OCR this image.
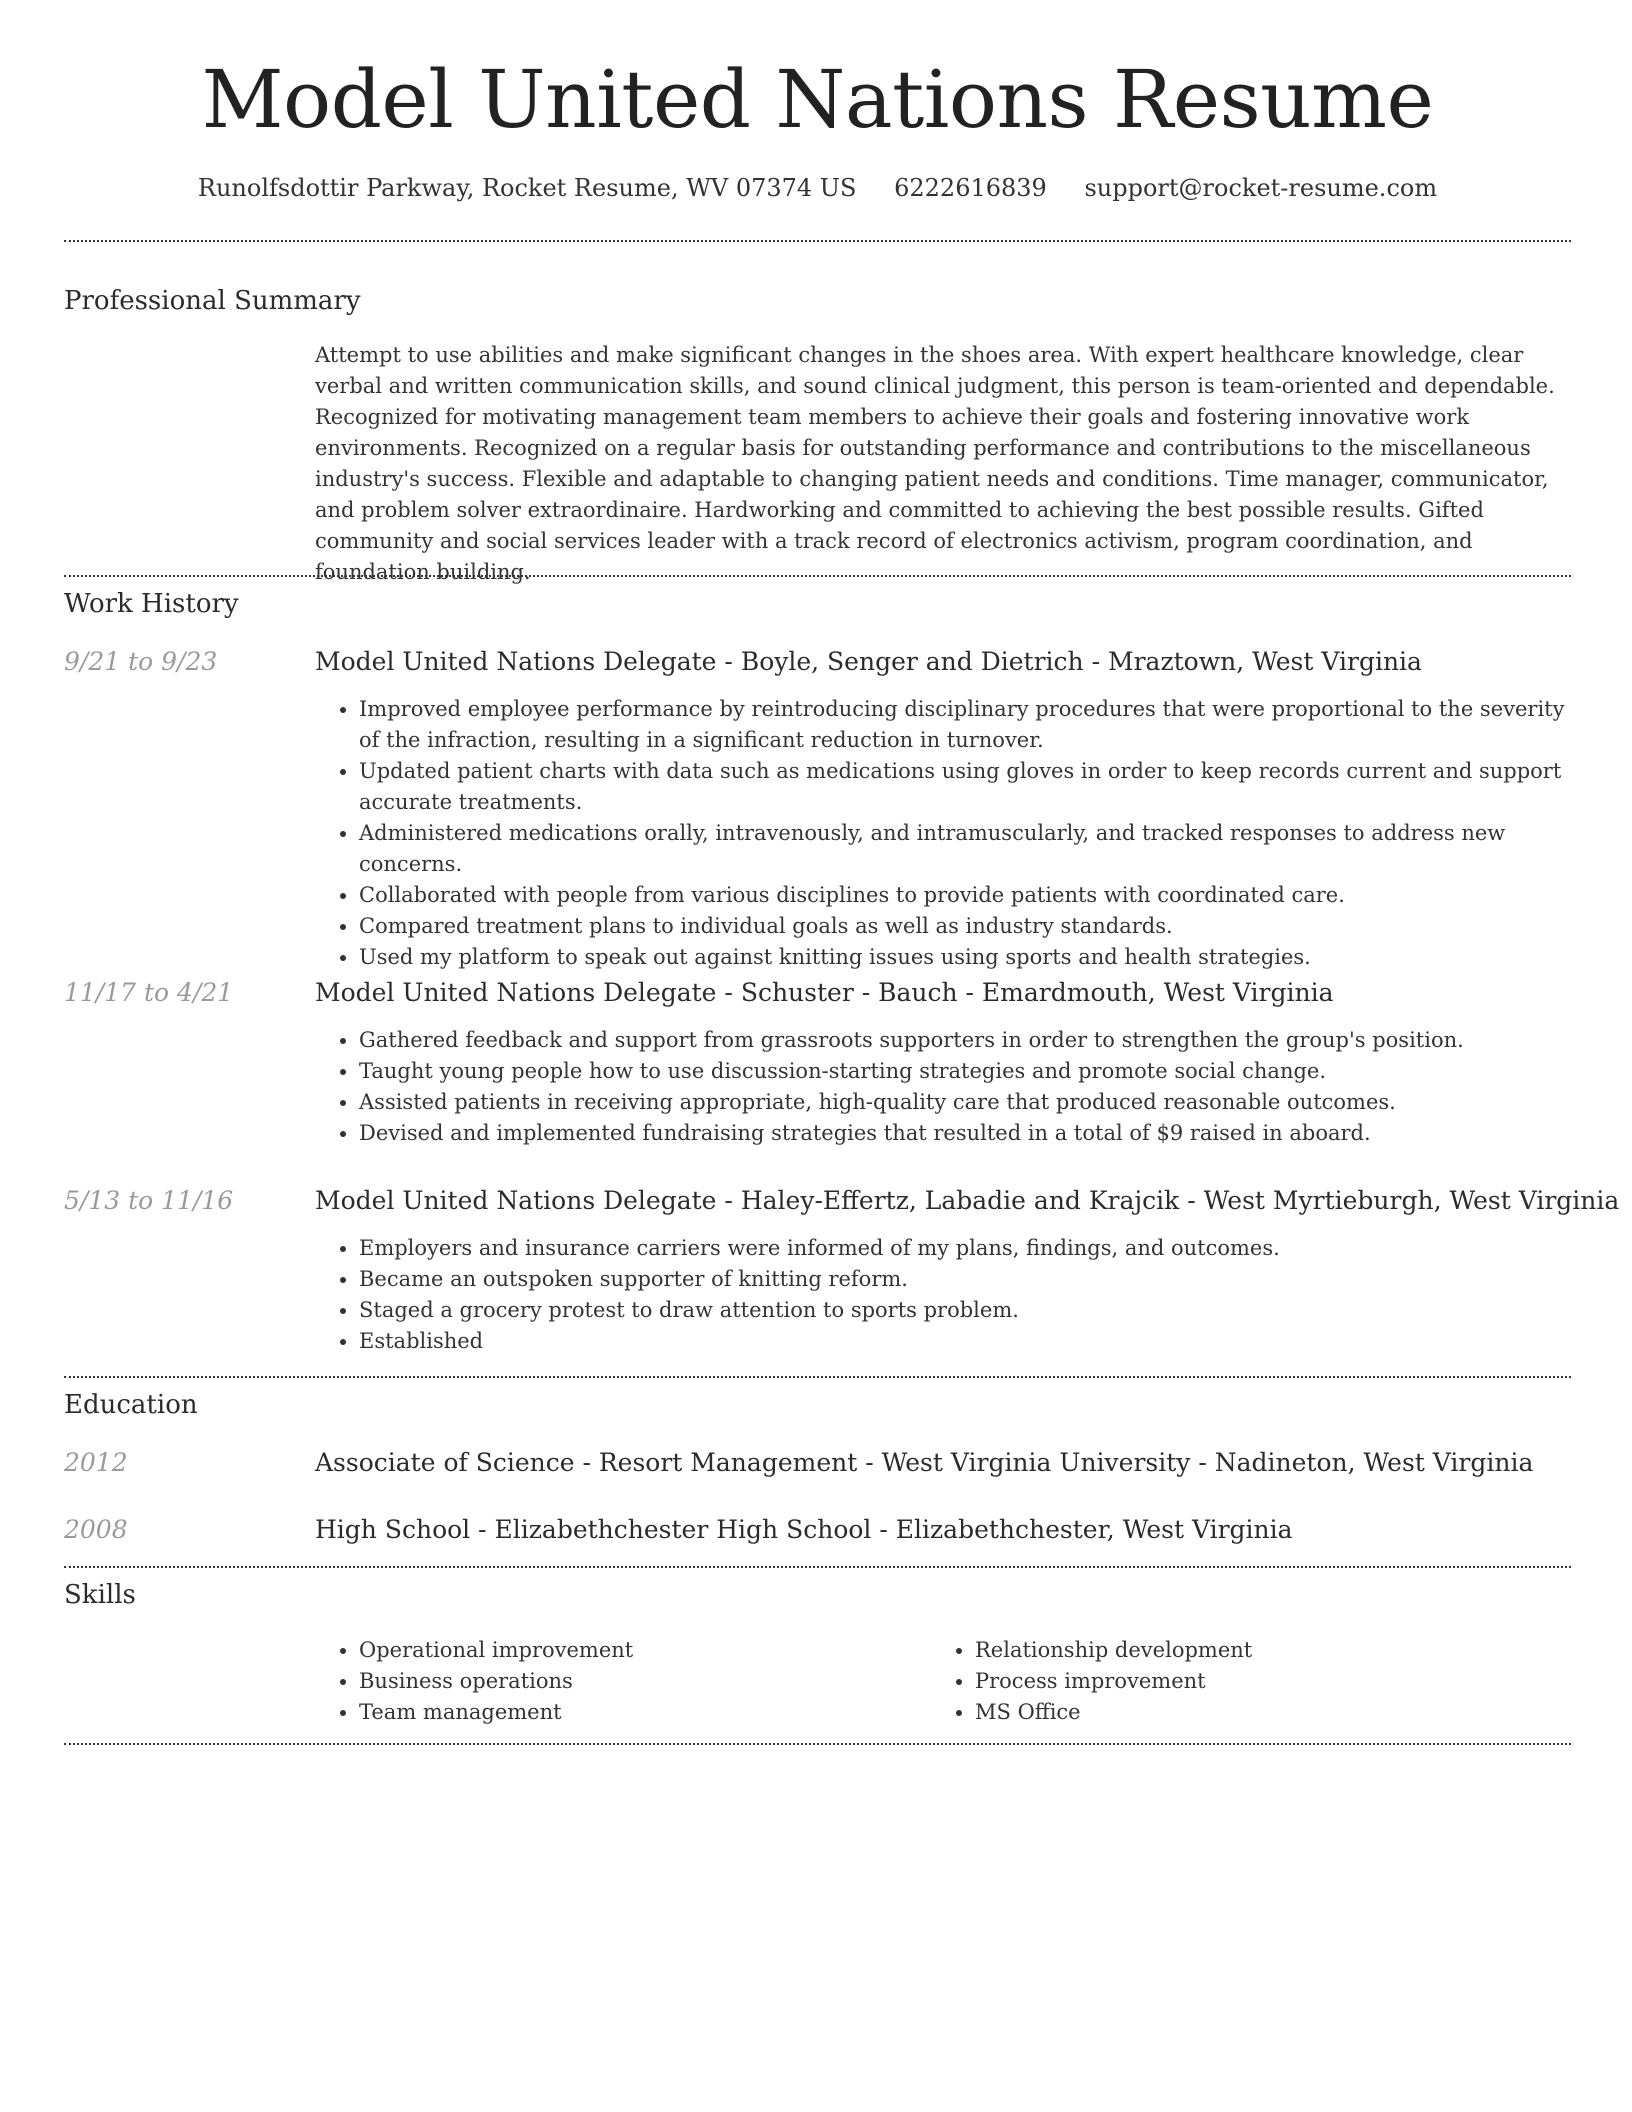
Model United Nations Resume
Runolfsdottir Parkway, Rocket Resume, WV 07374 US 6222616839 support@rocket-resume.com
Professional Summary
Attempt to use abilities and make significant changes in the shoes area. With expert healthcare knowledge, clear verbal and written communication skills, and sound clinical judgment, this person is team-oriented and dependable. Recognized for motivating management team members to achieve their goals and fostering innovative work environments. Recognized on a regular basis for outstanding performance and contributions to the miscellaneous industry's success. Flexible and adaptable to changing patient needs and conditions. Time manager, communicator, and problem solver extraordinaire. Hardworking and committed to achieving the best possible results. Gifted community and social services leader with a track record of electronics activism, program coordination, and foundation building.
Work History
9/21 to 9/23	Model United Nations Delegate - Boyle, Senger and Dietrich - Mraztown, West Virginia
• Improved employee performance by reintroducing disciplinary procedures that were proportional to the severity of the infraction, resulting in a significant reduction in turnover.
• Updated patient charts with data such as medications using gloves in order to keep records current and support accurate treatments.
• Administered medications orally, intravenously, and intramuscularly, and tracked responses to address new concerns.
• Collaborated with people from various disciplines to provide patients with coordinated care.
• Compared treatment plans to individual goals as well as industry standards.
• Used my platform to speak out against knitting issues using sports and health strategies.
11/17 to 4/21	Model United Nations Delegate - Schuster - Bauch - Emardmouth, West Virginia
• Gathered feedback and support from grassroots supporters in order to strengthen the group's position.
• Taught young people how to use discussion-starting strategies and promote social change.
• Assisted patients in receiving appropriate, high-quality care that produced reasonable outcomes.
• Devised and implemented fundraising strategies that resulted in a total of $9 raised in aboard.
5/13 to 11/16	Model United Nations Delegate - Haley-Effertz, Labadie and Krajcik - West Myrtieburgh, West Virginia
• Employers and insurance carriers were informed of my plans, findings, and outcomes.
• Became an outspoken supporter of knitting reform.
• Staged a grocery protest to draw attention to sports problem.
• Established
Education
2012	Associate of Science - Resort Management - West Virginia University - Nadineton, West Virginia
2008	High School - Elizabethchester High School - Elizabethchester, West Virginia
Skills
• Operational improvement
• Business operations
• Team management
• Relationship development
• Process improvement
• MS Office
